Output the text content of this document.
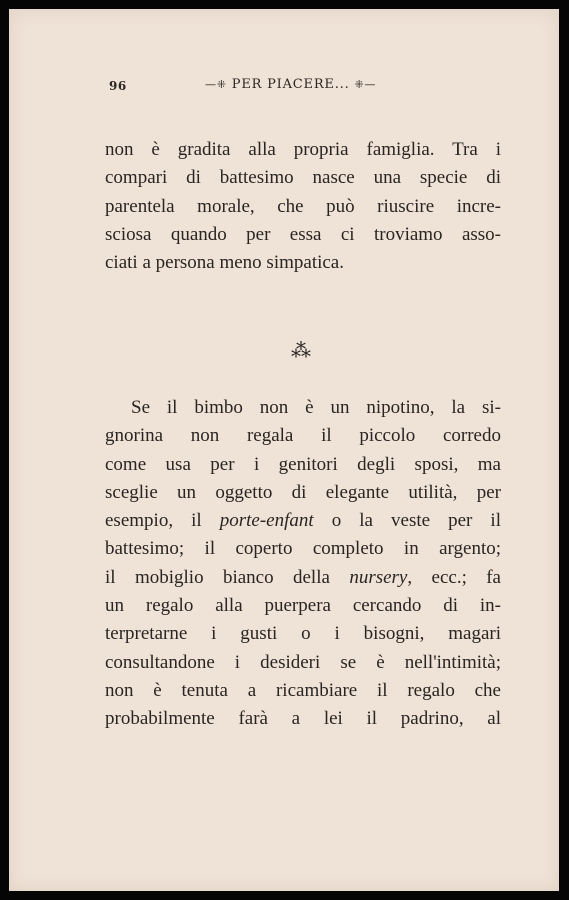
96	—⁜ PER PIACERE... ⁜—
non è gradita alla propria famiglia. Tra i
compari di battesimo nasce una specie di
parentela morale, che può riuscire incre-
sciosa quando per essa ci troviamo asso-
ciati a persona meno simpatica.
⁂
Se il bimbo non è un nipotino, la si-
gnorina non regala il piccolo corredo
come usa per i genitori degli sposi, ma
sceglie un oggetto di elegante utilità, per
esempio, il porte-enfant o la veste per il
battesimo; il coperto completo in argento;
il mobiglio bianco della nursery, ecc.; fa
un regalo alla puerpera cercando di in-
terpretarne i gusti o i bisogni, magari
consultandone i desideri se è nell'intimità;
non è tenuta a ricambiare il regalo che
probabilmente farà a lei il padrino, al
